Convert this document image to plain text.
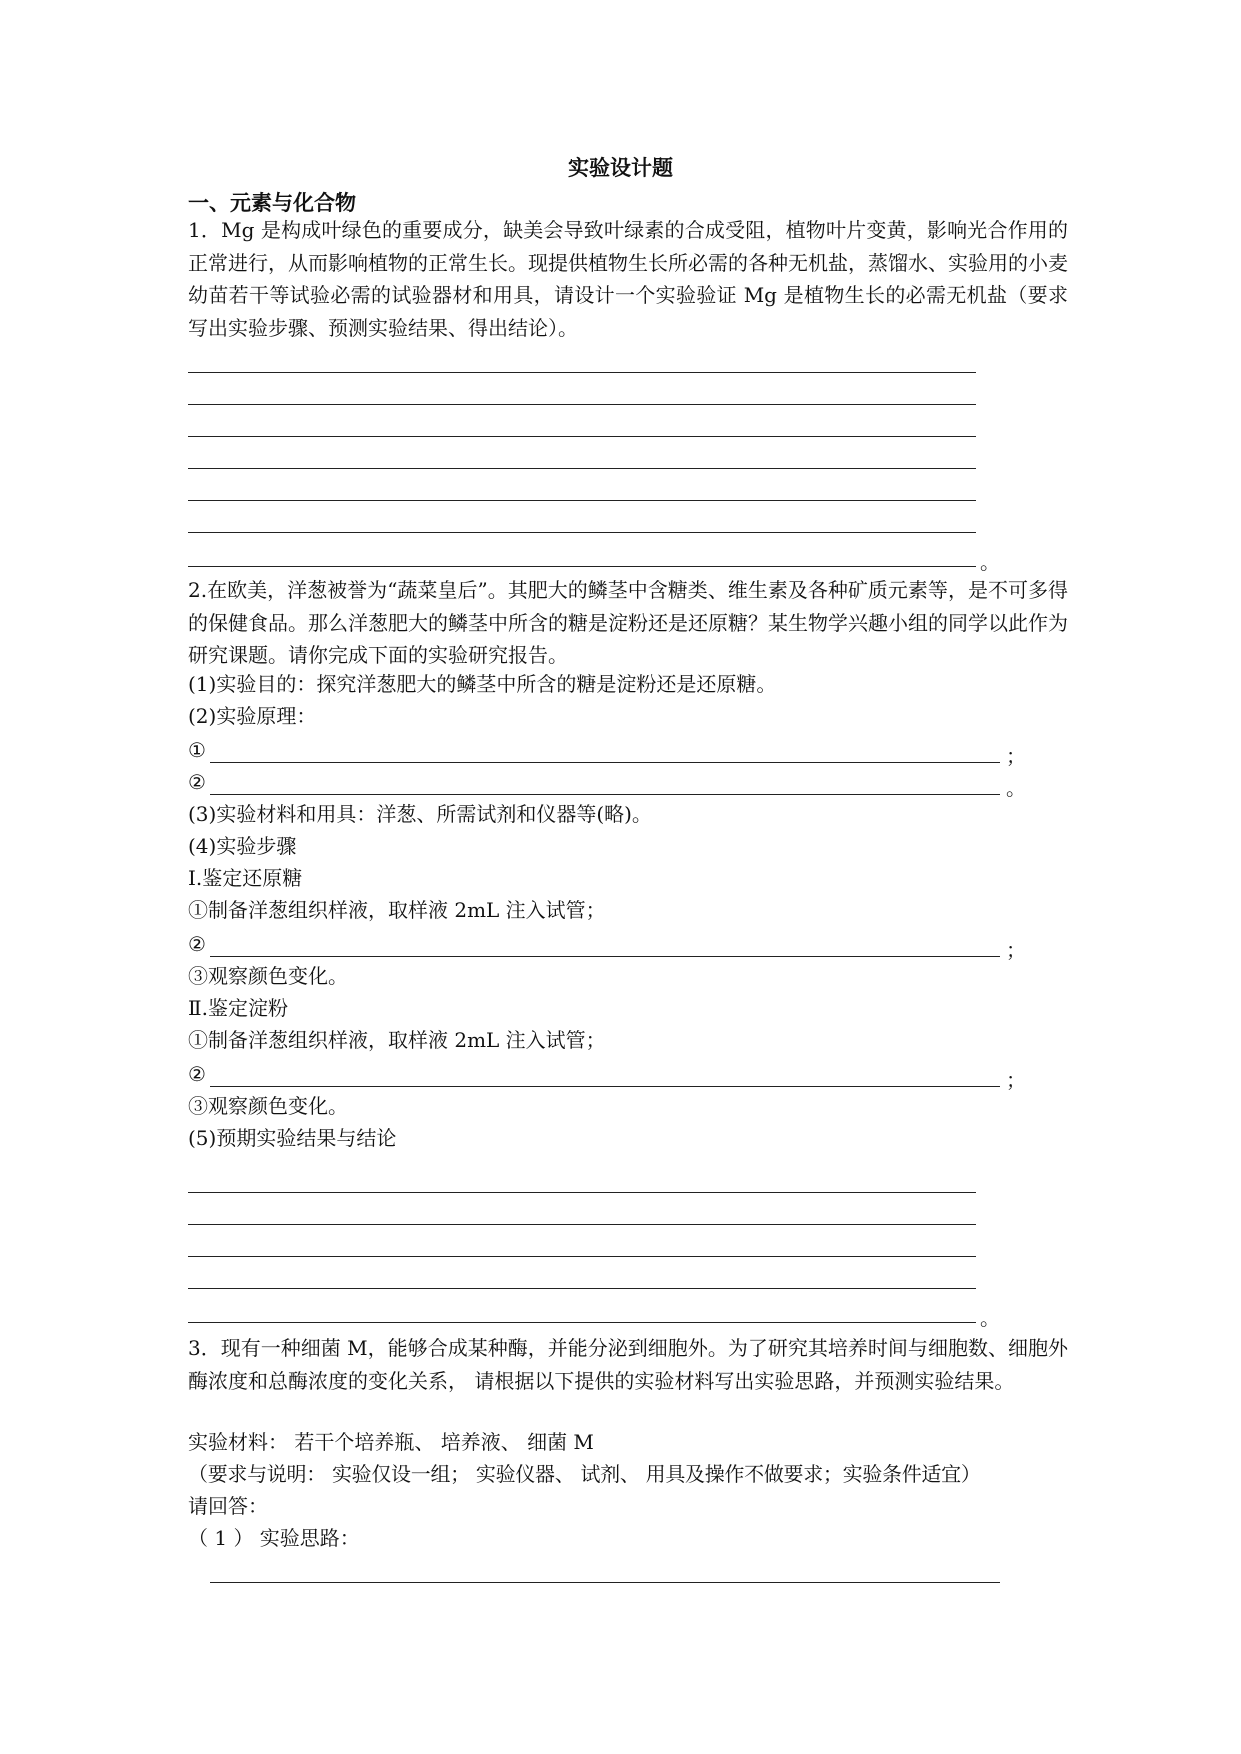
实验设计题
一、元素与化合物
1．Mg 是构成叶绿色的重要成分，缺美会导致叶绿素的合成受阻，植物叶片变黄，影响光合作用的正常进行，从而影响植物的正常生长。现提供植物生长所必需的各种无机盐，蒸馏水、实验用的小麦幼苗若干等试验必需的试验器材和用具，请设计一个实验验证 Mg 是植物生长的必需无机盐（要求写出实验步骤、预测实验结果、得出结论）。
。
2.在欧美，洋葱被誉为“蔬菜皇后”。其肥大的鳞茎中含糖类、维生素及各种矿质元素等，是不可多得的保健食品。那么洋葱肥大的鳞茎中所含的糖是淀粉还是还原糖？某生物学兴趣小组的同学以此作为研究课题。请你完成下面的实验研究报告。
(1)实验目的：探究洋葱肥大的鳞茎中所含的糖是淀粉还是还原糖。
(2)实验原理：
①	；
②	。
(3)实验材料和用具：洋葱、所需试剂和仪器等(略)。
(4)实验步骤
Ⅰ.鉴定还原糖
①制备洋葱组织样液，取样液 2mL 注入试管；
②	；
③观察颜色变化。
Ⅱ.鉴定淀粉
①制备洋葱组织样液，取样液 2mL 注入试管；
②	；
③观察颜色变化。
(5)预期实验结果与结论
。
3．现有一种细菌 M，能够合成某种酶，并能分泌到细胞外。为了研究其培养时间与细胞数、细胞外酶浓度和总酶浓度的变化关系， 请根据以下提供的实验材料写出实验思路，并预测实验结果。
实验材料： 若干个培养瓶、 培养液、 细菌 M
（要求与说明： 实验仅设一组； 实验仪器、 试剂、 用具及操作不做要求；实验条件适宜）
请回答：
（ 1 ） 实验思路：
